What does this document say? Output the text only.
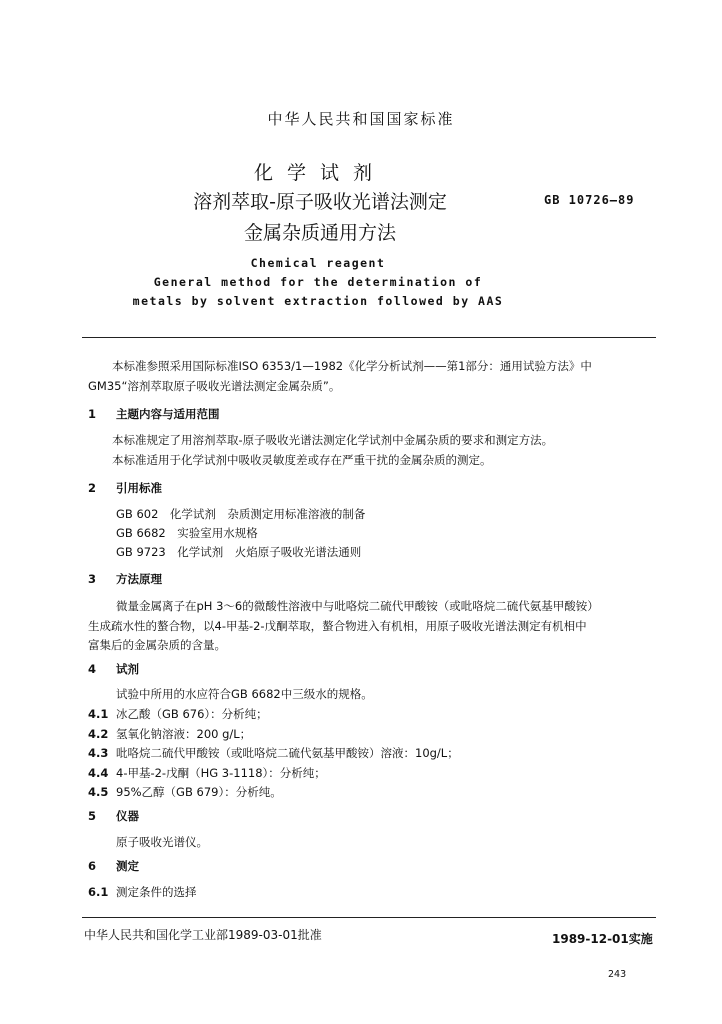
中华人民共和国国家标准
化学试剂
溶剂萃取-原子吸收光谱法测定
金属杂质通用方法
GB 10726—89
Chemical reagent
General method for the determination of
metals by solvent extraction followed by AAS
本标准参照采用国际标准ISO 6353/1—1982《化学分析试剂——第1部分：通用试验方法》中
GM35“溶剂萃取原子吸收光谱法测定金属杂质”。
1 主题内容与适用范围
本标准规定了用溶剂萃取-原子吸收光谱法测定化学试剂中金属杂质的要求和测定方法。
本标准适用于化学试剂中吸收灵敏度差或存在严重干扰的金属杂质的测定。
2 引用标准
GB 602　化学试剂　杂质测定用标准溶液的制备
GB 6682　实验室用水规格
GB 9723　化学试剂　火焰原子吸收光谱法通则
3 方法原理
微量金属离子在pH 3～6的微酸性溶液中与吡咯烷二硫代甲酸铵（或吡咯烷二硫代氨基甲酸铵）
生成疏水性的螯合物，以4-甲基-2-戊酮萃取，螯合物进入有机相，用原子吸收光谱法测定有机相中
富集后的金属杂质的含量。
4 试剂
试验中所用的水应符合GB 6682中三级水的规格。
4.1 冰乙酸（GB 676）：分析纯；
4.2 氢氧化钠溶液：200 g/L；
4.3 吡咯烷二硫代甲酸铵（或吡咯烷二硫代氨基甲酸铵）溶液：10g/L；
4.4 4-甲基-2-戊酮（HG 3-1118）：分析纯；
4.5 95%乙醇（GB 679）：分析纯。
5 仪器
原子吸收光谱仪。
6 测定
6.1 测定条件的选择
中华人民共和国化学工业部1989-03-01批准	1989-12-01实施
243
